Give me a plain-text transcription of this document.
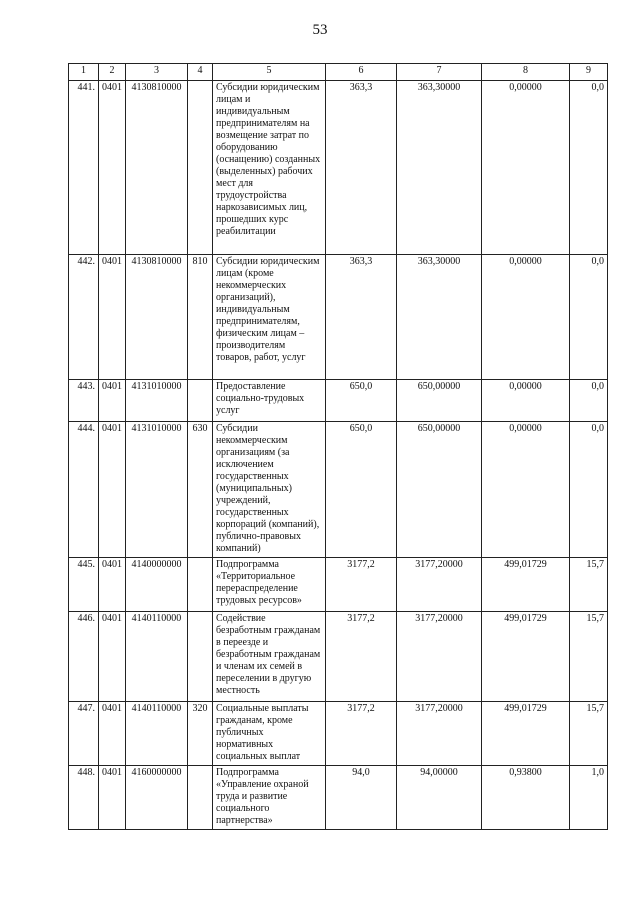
53
1	2	3	4	5	6	7	8	9
441.	0401	4130810000		Субсидии юридическим лицам и индивидуальным предпринимателям на возмещение затрат по оборудованию (оснащению) созданных (выделенных) рабочих мест для трудоустройства наркозависимых лиц, прошедших курс реабилитации	363,3	363,30000	0,00000	0,0
442.	0401	4130810000	810	Субсидии юридическим лицам (кроме некоммерческих организаций), индивидуальным предпринимателям, физическим лицам – производителям товаров, работ, услуг	363,3	363,30000	0,00000	0,0
443.	0401	4131010000		Предоставление социально-трудовых услуг	650,0	650,00000	0,00000	0,0
444.	0401	4131010000	630	Субсидии некоммерческим организациям (за исключением государственных (муниципальных) учреждений, государственных корпораций (компаний), публично-правовых компаний)	650,0	650,00000	0,00000	0,0
445.	0401	4140000000		Подпрограмма «Территориальное перераспределение трудовых ресурсов»	3177,2	3177,20000	499,01729	15,7
446.	0401	4140110000		Содействие безработным гражданам в переезде и безработным гражданам и членам их семей в переселении в другую местность	3177,2	3177,20000	499,01729	15,7
447.	0401	4140110000	320	Социальные выплаты гражданам, кроме публичных нормативных социальных выплат	3177,2	3177,20000	499,01729	15,7
448.	0401	4160000000		Подпрограмма «Управление охраной труда и развитие социального партнерства»	94,0	94,00000	0,93800	1,0
